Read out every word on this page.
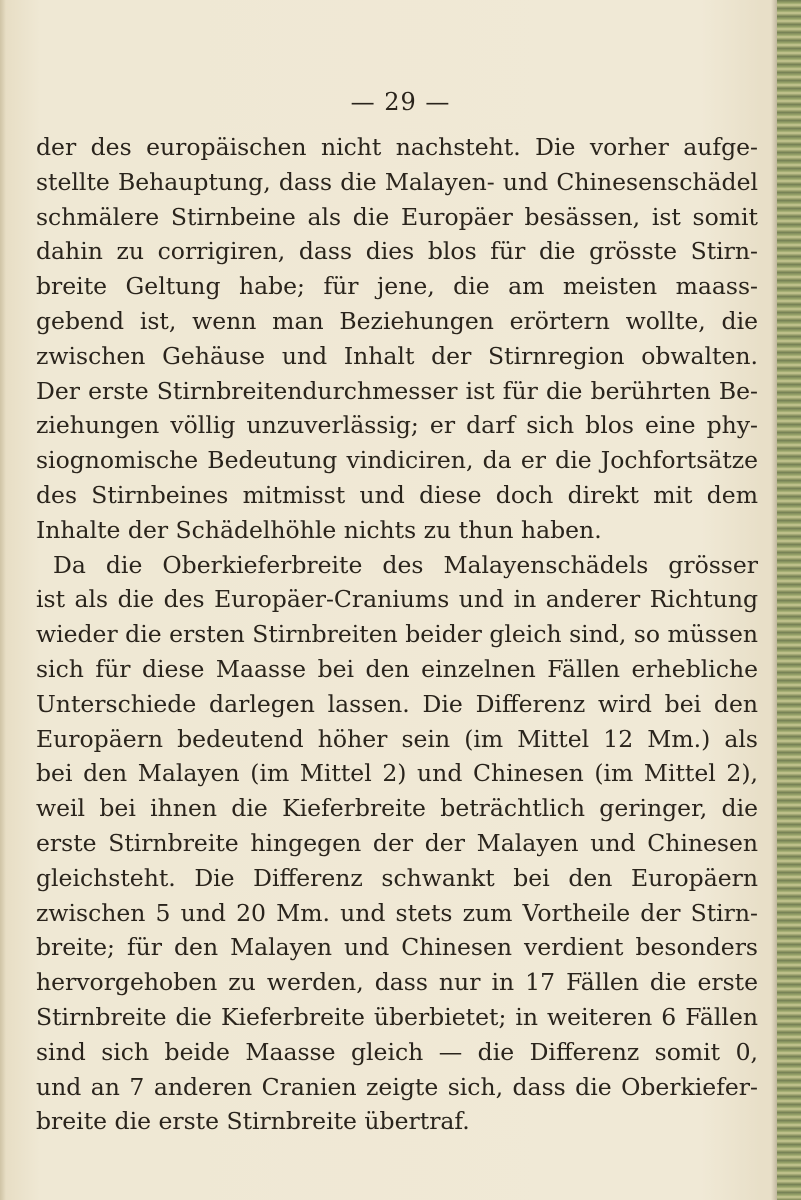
— 29 —
der des europäischen nicht nachsteht. Die vorher aufge-
stellte Behauptung, dass die Malayen- und Chinesenschädel
schmälere Stirnbeine als die Europäer besässen, ist somit
dahin zu corrigiren, dass dies blos für die grösste Stirn-
breite Geltung habe; für jene, die am meisten maass-
gebend ist, wenn man Beziehungen erörtern wollte, die
zwischen Gehäuse und Inhalt der Stirnregion obwalten.
Der erste Stirnbreitendurchmesser ist für die berührten Be-
ziehungen völlig unzuverlässig; er darf sich blos eine phy-
siognomische Bedeutung vindiciren, da er die Jochfortsätze
des Stirnbeines mitmisst und diese doch direkt mit dem
Inhalte der Schädelhöhle nichts zu thun haben.
Da die Oberkieferbreite des Malayenschädels grösser
ist als die des Europäer-Craniums und in anderer Richtung
wieder die ersten Stirnbreiten beider gleich sind, so müssen
sich für diese Maasse bei den einzelnen Fällen erhebliche
Unterschiede darlegen lassen. Die Differenz wird bei den
Europäern bedeutend höher sein (im Mittel 12 Mm.) als
bei den Malayen (im Mittel 2) und Chinesen (im Mittel 2),
weil bei ihnen die Kieferbreite beträchtlich geringer, die
erste Stirnbreite hingegen der der Malayen und Chinesen
gleichsteht. Die Differenz schwankt bei den Europäern
zwischen 5 und 20 Mm. und stets zum Vortheile der Stirn-
breite; für den Malayen und Chinesen verdient besonders
hervorgehoben zu werden, dass nur in 17 Fällen die erste
Stirnbreite die Kieferbreite überbietet; in weiteren 6 Fällen
sind sich beide Maasse gleich — die Differenz somit 0,
und an 7 anderen Cranien zeigte sich, dass die Oberkiefer-
breite die erste Stirnbreite übertraf.
